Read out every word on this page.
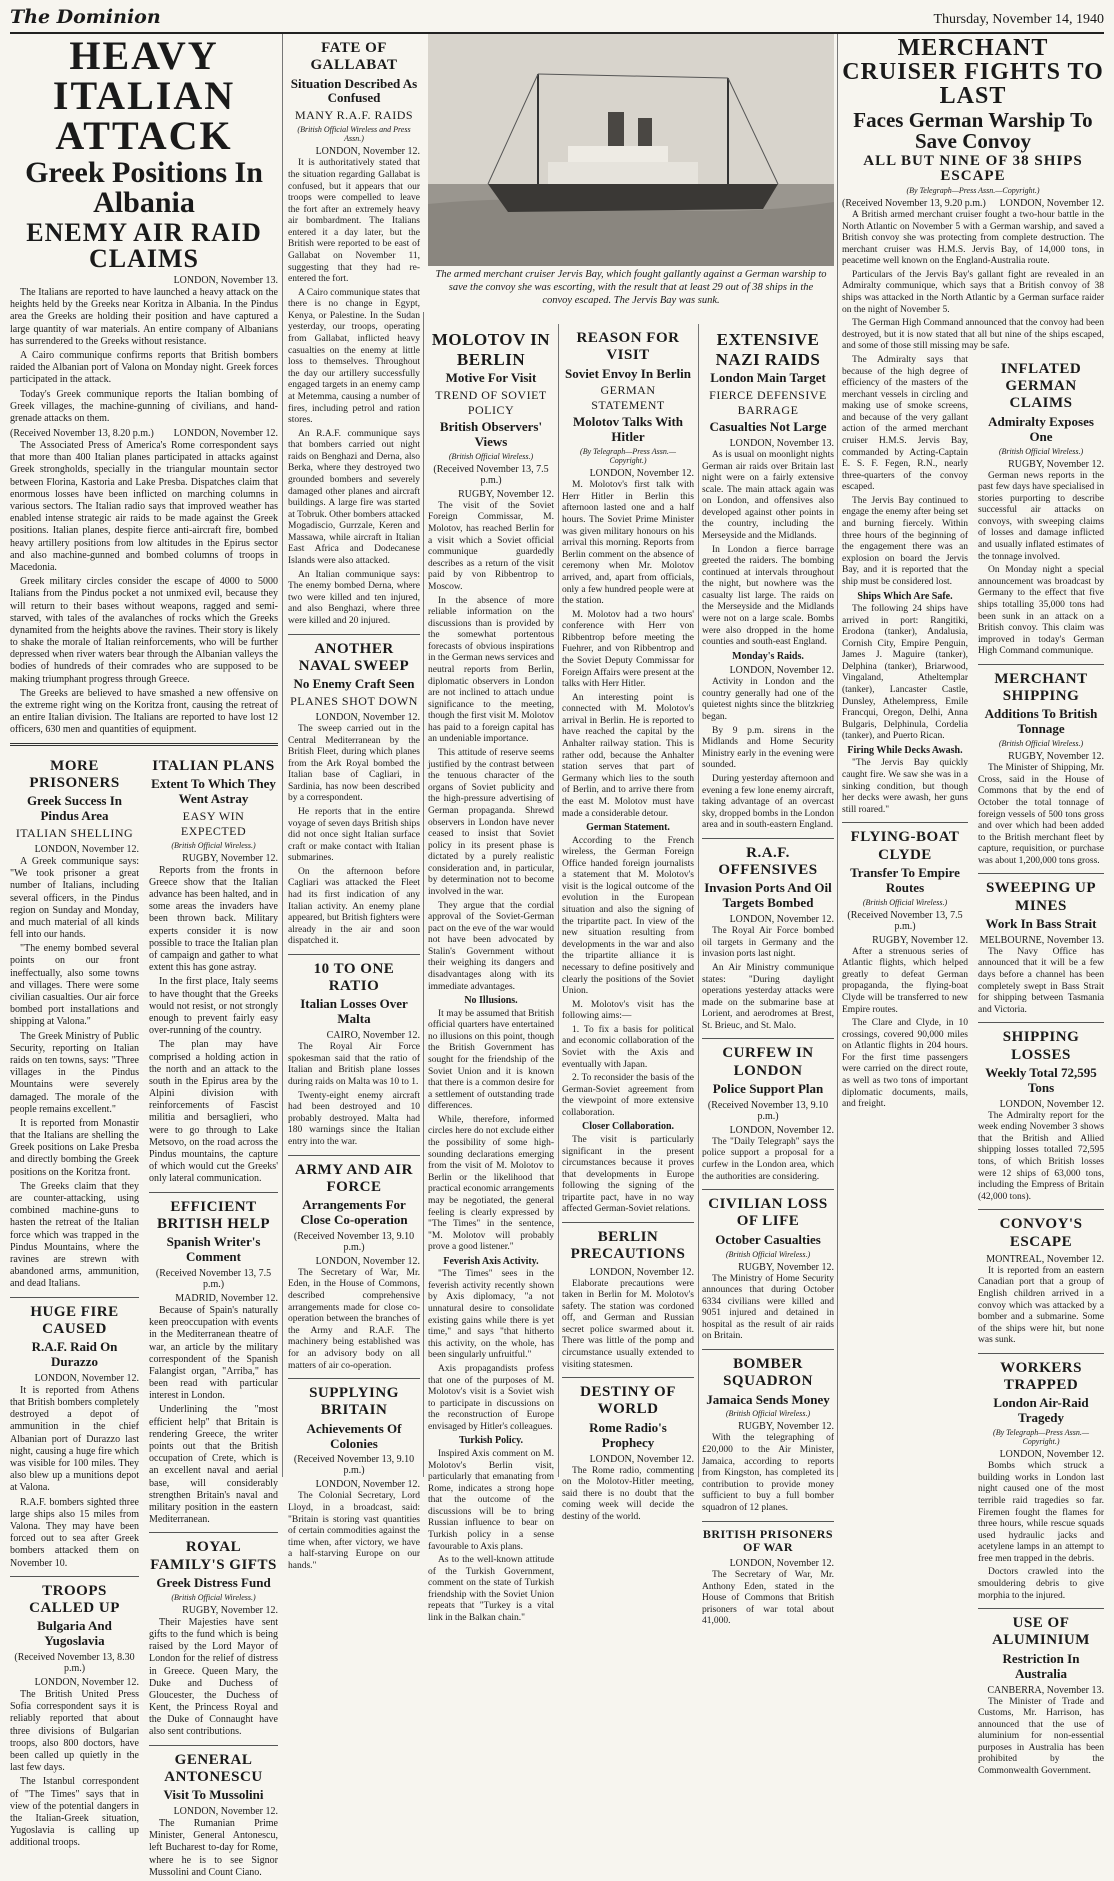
The Dominion	Thursday, November 14, 1940
HEAVY ITALIAN ATTACK
Greek Positions In Albania
ENEMY AIR RAID CLAIMS
LONDON, November 13.

The Italians are reported to have launched a heavy attack on the heights held by the Greeks near Koritza in Albania. In the Pindus area the Greeks are holding their position and have captured a large quantity of war materials. An entire company of Albanians has surrendered to the Greeks without resistance.

A Cairo communique confirms reports that British bombers raided the Albanian port of Valona on Monday night. Greek forces participated in the attack.

Today's Greek communique reports the Italian bombing of Greek villages, the machine-gunning of civilians, and hand-grenade attacks on them.

(Received November 13, 8.20 p.m.) LONDON, November 12.

The Associated Press of America's Rome correspondent says that more than 400 Italian planes participated in attacks against Greek strongholds, specially in the triangular mountain sector between Florina, Kastoria and Lake Presba. Dispatches claim that enormous losses have been inflicted on marching columns in various sectors. The Italian radio says that improved weather has enabled intense strategic air raids to be made against the Greek positions. Italian planes, despite fierce anti-aircraft fire, bombed heavy artillery positions from low altitudes in the Epirus sector and also machine-gunned and bombed columns of troops in Macedonia.

Greek military circles consider the escape of 4000 to 5000 Italians from the Pindus pocket a not unmixed evil, because they will return to their bases without weapons, ragged and semi-starved, with tales of the avalanches of rocks which the Greeks dynamited from the heights above the ravines. Their story is likely to shake the morale of Italian reinforcements, who will be further depressed when river waters bear through the Albanian valleys the bodies of hundreds of their comrades who are supposed to be making triumphant progress through Greece.

The Greeks are believed to have smashed a new offensive on the extreme right wing on the Koritza front, causing the retreat of an entire Italian division. The Italians are reported to have lost 12 officers, 630 men and quantities of equipment.

MORE PRISONERS
Greek Success In Pindus Area
ITALIAN SHELLING
LONDON, November 12.

A Greek communique says: "We took prisoner a great number of Italians, including several officers, in the Pindus region on Sunday and Monday, and much material of all kinds fell into our hands.

"The enemy bombed several points on our front ineffectually, also some towns and villages. There were some civilian casualties. Our air force bombed port installations and shipping at Valona."

The Greek Ministry of Public Security, reporting on Italian raids on ten towns, says: "Three villages in the Pindus Mountains were severely damaged. The morale of the people remains excellent."

It is reported from Monastir that the Italians are shelling the Greek positions on Lake Presba and directly bombing the Greek positions on the Koritza front.

The Greeks claim that they are counter-attacking, using combined machine-guns to hasten the retreat of the Italian force which was trapped in the Pindus Mountains, where the ravines are strewn with abandoned arms, ammunition, and dead Italians.

HUGE FIRE CAUSED
R.A.F. Raid On Durazzo
LONDON, November 12.

It is reported from Athens that British bombers completely destroyed a depot of ammunition in the chief Albanian port of Durazzo last night, causing a huge fire which was visible for 100 miles. They also blew up a munitions depot at Valona.

R.A.F. bombers sighted three large ships also 15 miles from Valona. They may have been forced out to sea after Greek bombers attacked them on November 10.

TROOPS CALLED UP
Bulgaria And Yugoslavia
(Received November 13, 8.30 p.m.)
LONDON, November 12.

The British United Press Sofia correspondent says it is reliably reported that about three divisions of Bulgarian troops, also 800 doctors, have been called up quietly in the last few days.

The Istanbul correspondent of "The Times" says that in view of the potential dangers in the Italian-Greek situation, Yugoslavia is calling up additional troops.

ITALIAN PLANS
Extent To Which They Went Astray
EASY WIN EXPECTED
(British Official Wireless.)
RUGBY, November 12.

Reports from the fronts in Greece show that the Italian advance has been halted, and in some areas the invaders have been thrown back. Military experts consider it is now possible to trace the Italian plan of campaign and gather to what extent this has gone astray.

In the first place, Italy seems to have thought that the Greeks would not resist, or not strongly enough to prevent fairly easy over-running of the country.

The plan may have comprised a holding action in the north and an attack to the south in the Epirus area by the Alpini division with reinforcements of Fascist militia and bersaglieri, who were to go through to Lake Metsovo, on the road across the Pindus mountains, the capture of which would cut the Greeks' only lateral communication.

EFFICIENT BRITISH HELP
Spanish Writer's Comment
(Received November 13, 7.5 p.m.)
MADRID, November 12.

Because of Spain's naturally keen preoccupation with events in the Mediterranean theatre of war, an article by the military correspondent of the Spanish Falangist organ, "Arriba," has been read with particular interest in London.

Underlining the "most efficient help" that Britain is rendering Greece, the writer points out that the British occupation of Crete, which is an excellent naval and aerial base, will considerably strengthen Britain's naval and military position in the eastern Mediterranean.

ROYAL FAMILY'S GIFTS
Greek Distress Fund
(British Official Wireless.)
RUGBY, November 12.

Their Majesties have sent gifts to the fund which is being raised by the Lord Mayor of London for the relief of distress in Greece. Queen Mary, the Duke and Duchess of Gloucester, the Duchess of Kent, the Princess Royal and the Duke of Connaught have also sent contributions.

GENERAL ANTONESCU
Visit To Mussolini
LONDON, November 12.

The Rumanian Prime Minister, General Antonescu, left Bucharest to-day for Rome, where he is to see Signor Mussolini and Count Ciano.

FATE OF GALLABAT
Situation Described As Confused
MANY R.A.F. RAIDS
(British Official Wireless and Press Assn.)
LONDON, November 12.

It is authoritatively stated that the situation regarding Gallabat is confused, but it appears that our troops were compelled to leave the fort after an extremely heavy air bombardment. The Italians entered it a day later, but the British were reported to be east of Gallabat on November 11, suggesting that they had re-entered the fort.

A Cairo communique states that there is no change in Egypt, Kenya, or Palestine. In the Sudan yesterday, our troops, operating from Gallabat, inflicted heavy casualties on the enemy at little loss to themselves. Throughout the day our artillery successfully engaged targets in an enemy camp at Metemma, causing a number of fires, including petrol and ration stores.

An R.A.F. communique says that bombers carried out night raids on Benghazi and Derna, also Berka, where they destroyed two grounded bombers and severely damaged other planes and aircraft buildings. A large fire was started at Tobruk. Other bombers attacked Mogadiscio, Gurrzale, Keren and Massawa, while aircraft in Italian East Africa and Dodecanese Islands were also attacked.

An Italian communique says: The enemy bombed Derna, where two were killed and ten injured, and also Benghazi, where three were killed and 20 injured.

ANOTHER NAVAL SWEEP
No Enemy Craft Seen
PLANES SHOT DOWN
LONDON, November 12.

The sweep carried out in the Central Mediterranean by the British Fleet, during which planes from the Ark Royal bombed the Italian base of Cagliari, in Sardinia, has now been described by a correspondent.

He reports that in the entire voyage of seven days British ships did not once sight Italian surface craft or make contact with Italian submarines.

On the afternoon before Cagliari was attacked the Fleet had its first indication of any Italian activity. An enemy plane appeared, but British fighters were already in the air and soon dispatched it.

10 TO ONE RATIO
Italian Losses Over Malta
CAIRO, November 12.

The Royal Air Force spokesman said that the ratio of Italian and British plane losses during raids on Malta was 10 to 1.

Twenty-eight enemy aircraft had been destroyed and 10 probably destroyed. Malta had 180 warnings since the Italian entry into the war.

ARMY AND AIR FORCE
Arrangements For Close Co-operation
(Received November 13, 9.10 p.m.)
LONDON, November 12.

The Secretary of War, Mr. Eden, in the House of Commons, described comprehensive arrangements made for close co-operation between the branches of the Army and R.A.F. The machinery being established was for an advisory body on all matters of air co-operation.

SUPPLYING BRITAIN
Achievements Of Colonies
(Received November 13, 9.10 p.m.)
LONDON, November 12.

The Colonial Secretary, Lord Lloyd, in a broadcast, said: "Britain is storing vast quantities of certain commodities against the time when, after victory, we have a half-starving Europe on our hands."

The armed merchant cruiser Jervis Bay, which fought gallantly against a German warship to save the convoy she was escorting, with the result that at least 29 out of 38 ships in the convoy escaped. The Jervis Bay was sunk.
MOLOTOV IN BERLIN
Motive For Visit
TREND OF SOVIET POLICY
British Observers' Views
(British Official Wireless.)
(Received November 13, 7.5 p.m.)
RUGBY, November 12.

The visit of the Soviet Foreign Commissar, M. Molotov, has reached Berlin for a visit which a Soviet official communique guardedly describes as a return of the visit paid by von Ribbentrop to Moscow.

In the absence of more reliable information on the discussions than is provided by the somewhat portentous forecasts of obvious inspirations in the German news services and neutral reports from Berlin, diplomatic observers in London are not inclined to attach undue significance to the meeting, though the first visit M. Molotov has paid to a foreign capital has an undeniable importance.

This attitude of reserve seems justified by the contrast between the tenuous character of the organs of Soviet publicity and the high-pressure advertising of German propaganda. Shrewd observers in London have never ceased to insist that Soviet policy in its present phase is dictated by a purely realistic consideration and, in particular, by determination not to become involved in the war.

They argue that the cordial approval of the Soviet-German pact on the eve of the war would not have been advocated by Stalin's Government without their weighing its dangers and disadvantages along with its immediate advantages.

No Illusions.

It may be assumed that British official quarters have entertained no illusions on this point, though the British Government has sought for the friendship of the Soviet Union and it is known that there is a common desire for a settlement of outstanding trade differences.

While, therefore, informed circles here do not exclude either the possibility of some high-sounding declarations emerging from the visit of M. Molotov to Berlin or the likelihood that practical economic arrangements may be negotiated, the general feeling is clearly expressed by "The Times" in the sentence, "M. Molotov will probably prove a good listener."

Feverish Axis Activity.

"The Times" sees in the feverish activity recently shown by Axis diplomacy, "a not unnatural desire to consolidate existing gains while there is yet time," and says "that hitherto this activity, on the whole, has been singularly unfruitful."

Axis propagandists profess that one of the purposes of M. Molotov's visit is a Soviet wish to participate in discussions on the reconstruction of Europe envisaged by Hitler's colleagues.

Turkish Policy.

Inspired Axis comment on M. Molotov's Berlin visit, particularly that emanating from Rome, indicates a strong hope that the outcome of the discussions will be to bring Russian influence to bear on Turkish policy in a sense favourable to Axis plans.

As to the well-known attitude of the Turkish Government, comment on the state of Turkish friendship with the Soviet Union repeats that "Turkey is a vital link in the Balkan chain."

REASON FOR VISIT
Soviet Envoy In Berlin
GERMAN STATEMENT
Molotov Talks With Hitler
(By Telegraph—Press Assn.—Copyright.)
LONDON, November 12.

M. Molotov's first talk with Herr Hitler in Berlin this afternoon lasted one and a half hours. The Soviet Prime Minister was given military honours on his arrival this morning. Reports from Berlin comment on the absence of ceremony when Mr. Molotov arrived, and, apart from officials, only a few hundred people were at the station.

M. Molotov had a two hours' conference with Herr von Ribbentrop before meeting the Fuehrer, and von Ribbentrop and the Soviet Deputy Commissar for Foreign Affairs were present at the talks with Herr Hitler.

An interesting point is connected with M. Molotov's arrival in Berlin. He is reported to have reached the capital by the Anhalter railway station. This is rather odd, because the Anhalter station serves that part of Germany which lies to the south of Berlin, and to arrive there from the east M. Molotov must have made a considerable detour.

German Statement.

According to the French wireless, the German Foreign Office handed foreign journalists a statement that M. Molotov's visit is the logical outcome of the evolution in the European situation and also the signing of the tripartite pact. In view of the new situation resulting from developments in the war and also the tripartite alliance it is necessary to define positively and clearly the positions of the Soviet Union.

M. Molotov's visit has the following aims:—

1. To fix a basis for political and economic collaboration of the Soviet with the Axis and eventually with Japan.

2. To reconsider the basis of the German-Soviet agreement from the viewpoint of more extensive collaboration.

Closer Collaboration.

The visit is particularly significant in the present circumstances because it proves that developments in Europe following the signing of the tripartite pact, have in no way affected German-Soviet relations.

BERLIN PRECAUTIONS
LONDON, November 12.

Elaborate precautions were taken in Berlin for M. Molotov's safety. The station was cordoned off, and German and Russian secret police swarmed about it. There was little of the pomp and circumstance usually extended to visiting statesmen.

DESTINY OF WORLD
Rome Radio's Prophecy
LONDON, November 12.

The Rome radio, commenting on the Molotov-Hitler meeting, said there is no doubt that the coming week will decide the destiny of the world.

EXTENSIVE NAZI RAIDS
London Main Target
FIERCE DEFENSIVE BARRAGE
Casualties Not Large
LONDON, November 13.

As is usual on moonlight nights German air raids over Britain last night were on a fairly extensive scale. The main attack again was on London, and offensives also developed against other points in the country, including the Merseyside and the Midlands.

In London a fierce barrage greeted the raiders. The bombing continued at intervals throughout the night, but nowhere was the casualty list large. The raids on the Merseyside and the Midlands were not on a large scale. Bombs were also dropped in the home counties and south-east England.

Monday's Raids.
LONDON, November 12.

Activity in London and the country generally had one of the quietest nights since the blitzkrieg began.

By 9 p.m. sirens in the Midlands and Home Security Ministry early in the evening were sounded.

During yesterday afternoon and evening a few lone enemy aircraft, taking advantage of an overcast sky, dropped bombs in the London area and in south-eastern England.

R.A.F. OFFENSIVES
Invasion Ports And Oil Targets Bombed
LONDON, November 12.

The Royal Air Force bombed oil targets in Germany and the invasion ports last night.

An Air Ministry communique states: "During daylight operations yesterday attacks were made on the submarine base at Lorient, and aerodromes at Brest, St. Brieuc, and St. Malo.

CURFEW IN LONDON
Police Support Plan
(Received November 13, 9.10 p.m.)
LONDON, November 12.

The "Daily Telegraph" says the police support a proposal for a curfew in the London area, which the authorities are considering.

CIVILIAN LOSS OF LIFE
October Casualties
(British Official Wireless.)
RUGBY, November 12.

The Ministry of Home Security announces that during October 6334 civilians were killed and 9051 injured and detained in hospital as the result of air raids on Britain.

BOMBER SQUADRON
Jamaica Sends Money
(British Official Wireless.)
RUGBY, November 12.

With the telegraphing of £20,000 to the Air Minister, Jamaica, according to reports from Kingston, has completed its contribution to provide money sufficient to buy a full bomber squadron of 12 planes.

BRITISH PRISONERS OF WAR
LONDON, November 12.

The Secretary of War, Mr. Anthony Eden, stated in the House of Commons that British prisoners of war total about 41,000.

MERCHANT CRUISER FIGHTS TO LAST
Faces German Warship To Save Convoy
ALL BUT NINE OF 38 SHIPS ESCAPE
(By Telegraph—Press Assn.—Copyright.)
(Received November 13, 9.20 p.m.) LONDON, November 12.

A British armed merchant cruiser fought a two-hour battle in the North Atlantic on November 5 with a German warship, and saved a British convoy she was protecting from complete destruction. The merchant cruiser was H.M.S. Jervis Bay, of 14,000 tons, in peacetime well known on the England-Australia route.

Particulars of the Jervis Bay's gallant fight are revealed in an Admiralty communique, which says that a British convoy of 38 ships was attacked in the North Atlantic by a German surface raider on the night of November 5.

The German High Command announced that the convoy had been destroyed, but it is now stated that all but nine of the ships escaped, and some of those still missing may be safe.

The Admiralty says that because of the high degree of efficiency of the masters of the merchant vessels in circling and making use of smoke screens, and because of the very gallant action of the armed merchant cruiser H.M.S. Jervis Bay, commanded by Acting-Captain E. S. F. Fegen, R.N., nearly three-quarters of the convoy escaped.

The Jervis Bay continued to engage the enemy after being set and burning fiercely. Within three hours of the beginning of the engagement there was an explosion on board the Jervis Bay, and it is reported that the ship must be considered lost.

Ships Which Are Safe.

The following 24 ships have arrived in port: Rangitiki, Erodona (tanker), Andalusia, Cornish City, Empire Penguin, James J. Maguire (tanker), Delphina (tanker), Briarwood, Vingaland, Atheltemplar (tanker), Lancaster Castle, Dunsley, Athelempress, Emile Francqui, Oregon, Delhi, Anna Bulgaris, Delphinula, Cordelia (tanker), and Puerto Rican.

Firing While Decks Awash.

"The Jervis Bay quickly caught fire. We saw she was in a sinking condition, but though her decks were awash, her guns still roared."

FLYING-BOAT CLYDE
Transfer To Empire Routes
(British Official Wireless.)
(Received November 13, 7.5 p.m.)
RUGBY, November 12.

After a strenuous series of Atlantic flights, which helped greatly to defeat German propaganda, the flying-boat Clyde will be transferred to new Empire routes.

The Clare and Clyde, in 10 crossings, covered 90,000 miles on Atlantic flights in 204 hours. For the first time passengers were carried on the direct route, as well as two tons of important diplomatic documents, mails, and freight.

INFLATED GERMAN CLAIMS
Admiralty Exposes One
(British Official Wireless.)
RUGBY, November 12.

German news reports in the past few days have specialised in stories purporting to describe successful air attacks on convoys, with sweeping claims of losses and damage inflicted and usually inflated estimates of the tonnage involved.

On Monday night a special announcement was broadcast by Germany to the effect that five ships totalling 35,000 tons had been sunk in an attack on a British convoy. This claim was improved in today's German High Command communique.

MERCHANT SHIPPING
Additions To British Tonnage
(British Official Wireless.)
RUGBY, November 12.

The Minister of Shipping, Mr. Cross, said in the House of Commons that by the end of October the total tonnage of foreign vessels of 500 tons gross and over which had been added to the British merchant fleet by capture, requisition, or purchase was about 1,200,000 tons gross.

SWEEPING UP MINES
Work In Bass Strait
MELBOURNE, November 13.

The Navy Office has announced that it will be a few days before a channel has been completely swept in Bass Strait for shipping between Tasmania and Victoria.

SHIPPING LOSSES
Weekly Total 72,595 Tons
LONDON, November 12.

The Admiralty report for the week ending November 3 shows that the British and Allied shipping losses totalled 72,595 tons, of which British losses were 12 ships of 63,000 tons, including the Empress of Britain (42,000 tons).

CONVOY'S ESCAPE
MONTREAL, November 12.

It is reported from an eastern Canadian port that a group of English children arrived in a convoy which was attacked by a bomber and a submarine. Some of the ships were hit, but none was sunk.

WORKERS TRAPPED
London Air-Raid Tragedy
(By Telegraph—Press Assn.—Copyright.)
LONDON, November 12.

Bombs which struck a building works in London last night caused one of the most terrible raid tragedies so far. Firemen fought the flames for three hours, while rescue squads used hydraulic jacks and acetylene lamps in an attempt to free men trapped in the debris.

Doctors crawled into the smouldering debris to give morphia to the injured.

USE OF ALUMINIUM
Restriction In Australia
CANBERRA, November 13.

The Minister of Trade and Customs, Mr. Harrison, has announced that the use of aluminium for non-essential purposes in Australia has been prohibited by the Commonwealth Government.
